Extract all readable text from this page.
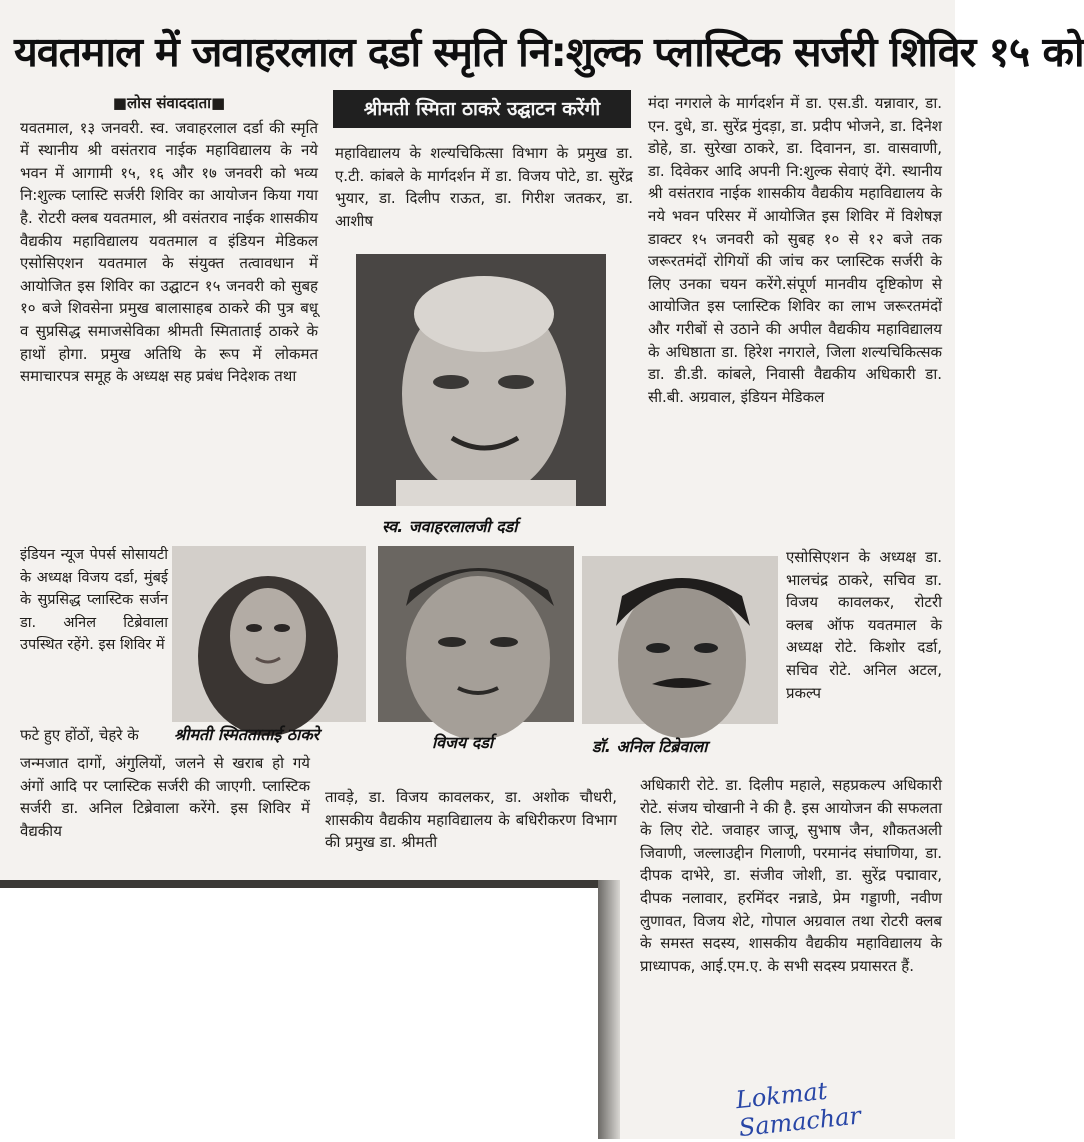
यवतमाल में जवाहरलाल दर्डा स्मृति नि:शुल्क प्लास्टिक सर्जरी शिविर १५ को
श्रीमती स्मिता ठाकरे उद्घाटन करेंगी

■लोस संवाददाता■

यवतमाल, १३ जनवरी. स्व. जवाहरलाल दर्डा की स्मृति में स्थानीय श्री वसंतराव नाईक महाविद्यालय के नये भवन में आगामी १५, १६ और १७ जनवरी को भव्य नि:शुल्क प्लास्टि सर्जरी शिविर का आयोजन किया गया है. रोटरी क्लब यवतमाल, श्री वसंतराव नाईक शासकीय वैद्यकीय महाविद्यालय यवतमाल व इंडियन मेडिकल एसोसिएशन यवतमाल के संयुक्त तत्वावधान में आयोजित इस शिविर का उद्घाटन १५ जनवरी को सुबह १० बजे शिवसेना प्रमुख बालासाहब ठाकरे की पुत्र बधू व सुप्रसिद्ध समाजसेविका श्रीमती स्मिताताई ठाकरे के हाथों होगा. प्रमुख अतिथि के रूप में लोकमत समाचारपत्र समूह के अध्यक्ष सह प्रबंध निदेशक तथा

इंडियन न्यूज पेपर्स सोसायटी के अध्यक्ष विजय दर्डा, मुंबई के सुप्रसिद्ध प्लास्टिक सर्जन डा. अनिल टिब्रेवाला उपस्थित रहेंगे. इस शिविर में

फटे हुए होंठों, चेहरे के

जन्मजात दागों, अंगुलियों, जलने से खराब हो गये अंगों आदि पर प्लास्टिक सर्जरी की जाएगी. प्लास्टिक सर्जरी डा. अनिल टिब्रेवाला करेंगे. इस शिविर में वैद्यकीय

महाविद्यालय के शल्यचिकित्सा विभाग के प्रमुख डा. ए.टी. कांबले के मार्गदर्शन में डा. विजय पोटे, डा. सुरेंद्र भुयार, डा. दिलीप राऊत, डा. गिरीश जतकर, डा. आशीष

तावड़े, डा. विजय कावलकर, डा. अशोक चौधरी, शासकीय वैद्यकीय महाविद्यालय के बधिरीकरण विभाग की प्रमुख डा. श्रीमती

मंदा नगराले के मार्गदर्शन में डा. एस.डी. यन्नावार, डा. एन. दुधे, डा. सुरेंद्र मुंदड़ा, डा. प्रदीप भोजने, डा. दिनेश डोहे, डा. सुरेखा ठाकरे, डा. दिवानन, डा. वासवाणी, डा. दिवेकर आदि अपनी नि:शुल्क सेवाएं देंगे. स्थानीय श्री वसंतराव नाईक शासकीय वैद्यकीय महाविद्यालय के नये भवन परिसर में आयोजित इस शिविर में विशेषज्ञ डाक्टर १५ जनवरी को सुबह १० से १२ बजे तक जरूरतमंदों रोगियों की जांच कर प्लास्टिक सर्जरी के लिए उनका चयन करेंगे.संपूर्ण मानवीय दृष्टिकोण से आयोजित इस प्लास्टिक शिविर का लाभ जरूरतमंदों और गरीबों से उठाने की अपील वैद्यकीय महाविद्यालय के अधिष्ठाता डा. हिरेश नगराले, जिला शल्यचिकित्सक डा. डी.डी. कांबले, निवासी वैद्यकीय अधिकारी डा. सी.बी. अग्रवाल, इंडियन मेडिकल

एसोसिएशन के अध्यक्ष डा. भालचंद्र ठाकरे, सचिव डा. विजय कावलकर, रोटरी क्लब ऑफ यवतमाल के अध्यक्ष रोटे. किशोर दर्डा, सचिव रोटे. अनिल अटल, प्रकल्प

अधिकारी रोटे. डा. दिलीप महाले, सहप्रकल्प अधिकारी रोटे. संजय चोखानी ने की है. इस आयोजन की सफलता के लिए रोटे. जवाहर जाजू, सुभाष जैन, शौकतअली जिवाणी, जल्लाउद्दीन गिलाणी, परमानंद संघाणिया, डा. दीपक दाभेरे, डा. संजीव जोशी, डा. सुरेंद्र पद्मावार, दीपक नलावार, हरमिंदर नन्नाडे, प्रेम गड्डाणी, नवीण लुणावत, विजय शेटे, गोपाल अग्रवाल तथा रोटरी क्लब के समस्त सदस्य, शासकीय वैद्यकीय महाविद्यालय के प्राध्यापक, आई.एम.ए. के सभी सदस्य प्रयासरत हैं.

स्व. जवाहरलालजी दर्डा
श्रीमती स्मितताताई ठाकरे	विजय दर्डा	डॉ. अनिल टिब्रेवाला
Lokmat Samachar
